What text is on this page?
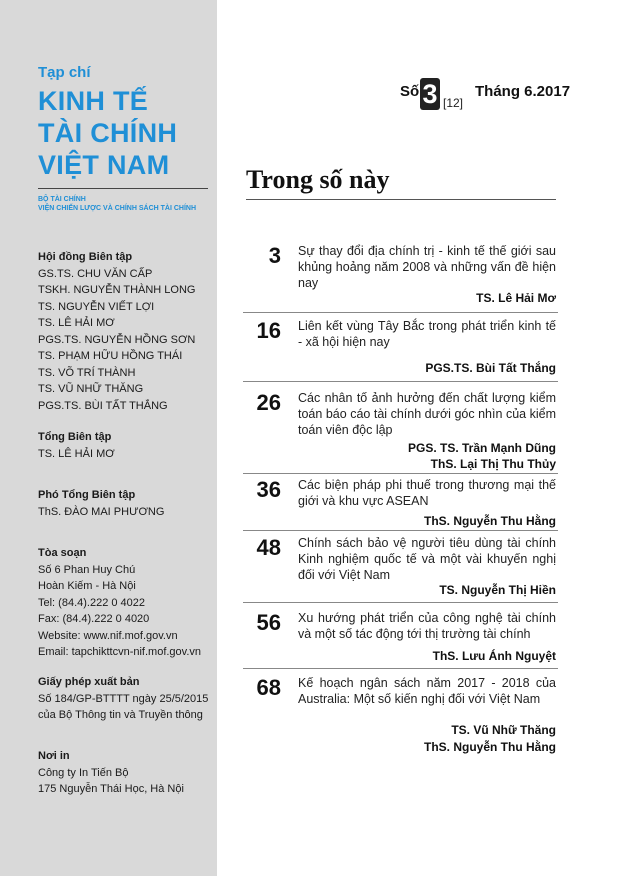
Tạp chí
KINH TẾ
TÀI CHÍNH
VIỆT NAM
BỘ TÀI CHÍNH
VIỆN CHIẾN LƯỢC VÀ CHÍNH SÁCH TÀI CHÍNH
Hội đồng Biên tập
GS.TS. CHU VĂN CẤP
TSKH. NGUYỄN THÀNH LONG
TS. NGUYỄN VIẾT LỢI
TS. LÊ HẢI MƠ
PGS.TS. NGUYỄN HỒNG SƠN
TS. PHẠM HỮU HỒNG THÁI
TS. VÕ TRÍ THÀNH
TS. VŨ NHỮ THĂNG
PGS.TS. BÙI TẤT THẮNG
Tổng Biên tập
TS. LÊ HẢI MƠ
Phó Tổng Biên tập
ThS. ĐÀO MAI PHƯƠNG
Tòa soạn
Số 6 Phan Huy Chú
Hoàn Kiếm - Hà Nội
Tel: (84.4).222 0 4022
Fax: (84.4).222 0 4020
Website: www.nif.mof.gov.vn
Email: tapchikttcvn-nif.mof.gov.vn
Giấy phép xuất bản
Số 184/GP-BTTTT ngày 25/5/2015
của Bộ Thông tin và Truyền thông
Nơi in
Công ty In Tiến Bộ
175 Nguyễn Thái Học, Hà Nội
Số 3 [12]
Tháng 6.2017
Trong số này
3 Sự thay đổi địa chính trị - kinh tế thế giới sau khủng hoảng năm 2008 và những vấn đề hiện nay
TS. Lê Hải Mơ
16 Liên kết vùng Tây Bắc trong phát triển kinh tế - xã hội hiện nay
PGS.TS. Bùi Tất Thắng
26 Các nhân tố ảnh hưởng đến chất lượng kiểm toán báo cáo tài chính dưới góc nhìn của kiểm toán viên độc lập
PGS. TS. Trần Mạnh Dũng
ThS. Lại Thị Thu Thủy
36 Các biện pháp phi thuế trong thương mại thế giới và khu vực ASEAN
ThS. Nguyễn Thu Hằng
48 Chính sách bảo vệ người tiêu dùng tài chính Kinh nghiệm quốc tế và một vài khuyến nghị đối với Việt Nam
TS. Nguyễn Thị Hiền
56 Xu hướng phát triển của công nghệ tài chính và một số tác động tới thị trường tài chính
ThS. Lưu Ánh Nguyệt
68 Kế hoạch ngân sách năm 2017 - 2018 của Australia: Một số kiến nghị đối với Việt Nam
TS. Vũ Nhữ Thăng
ThS. Nguyễn Thu Hằng
